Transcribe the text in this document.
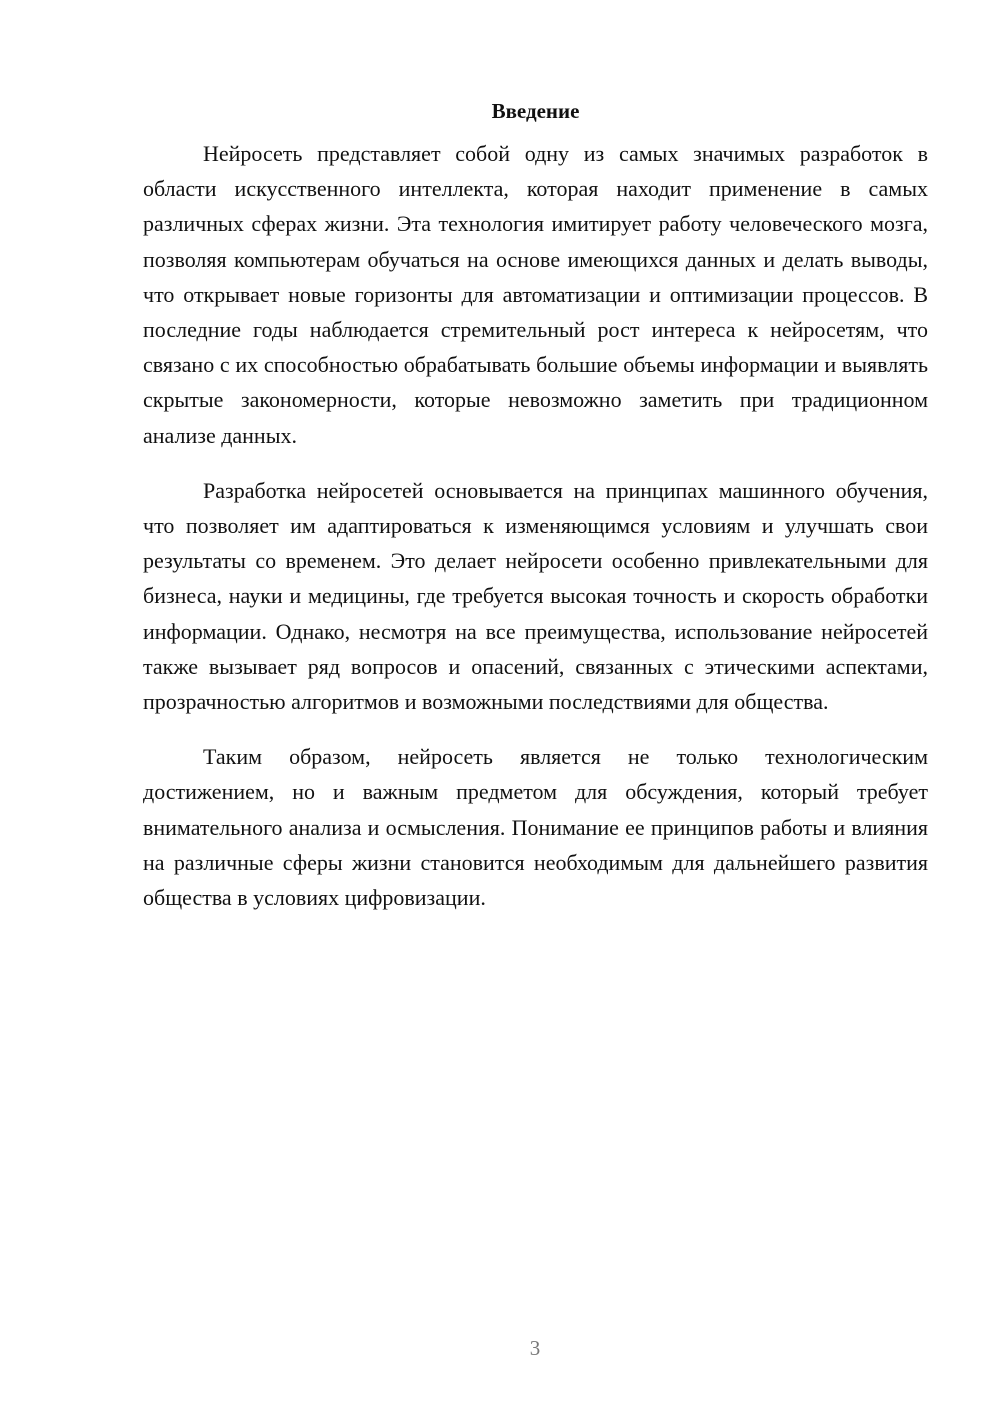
Введение

Нейросеть представляет собой одну из самых значимых разработок в области искусственного интеллекта, которая находит применение в самых различных сферах жизни. Эта технология имитирует работу человеческого мозга, позволяя компьютерам обучаться на основе имеющихся данных и делать выводы, что открывает новые горизонты для автоматизации и оптимизации процессов. В последние годы наблюдается стремительный рост интереса к нейросетям, что связано с их способностью обрабатывать большие объемы информации и выявлять скрытые закономерности, которые невозможно заметить при традиционном анализе данных.

Разработка нейросетей основывается на принципах машинного обучения, что позволяет им адаптироваться к изменяющимся условиям и улучшать свои результаты со временем. Это делает нейросети особенно привлекательными для бизнеса, науки и медицины, где требуется высокая точность и скорость обработки информации. Однако, несмотря на все преимущества, использование нейросетей также вызывает ряд вопросов и опасений, связанных с этическими аспектами, прозрачностью алгоритмов и возможными последствиями для общества.

Таким образом, нейросеть является не только технологическим достижением, но и важным предметом для обсуждения, который требует внимательного анализа и осмысления. Понимание ее принципов работы и влияния на различные сферы жизни становится необходимым для дальнейшего развития общества в условиях цифровизации.

3
